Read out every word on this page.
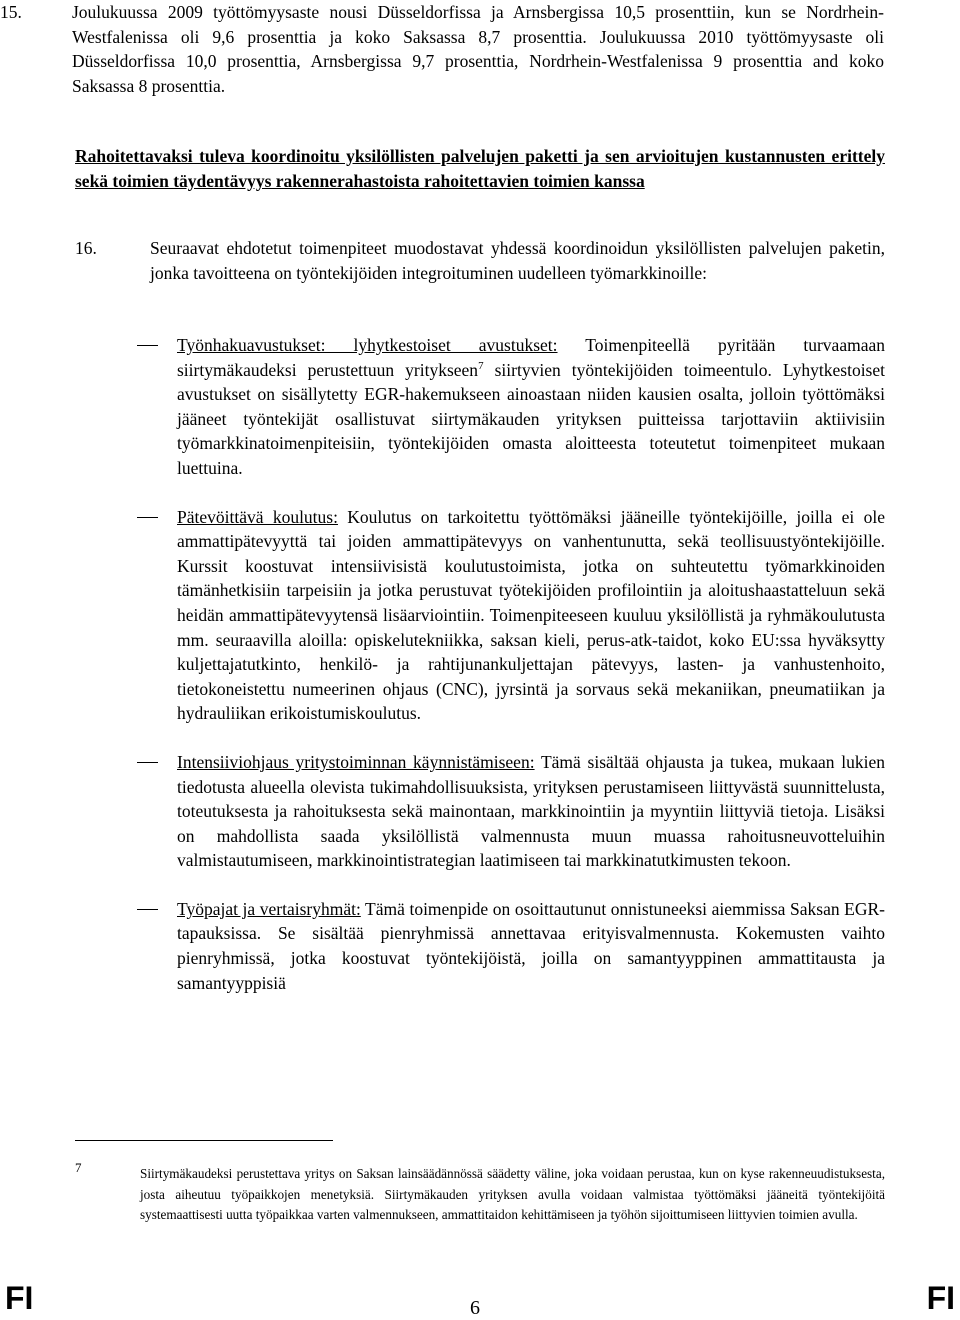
15.	Joulukuussa 2009 työttömyysaste nousi Düsseldorfissa ja Arnsbergissa 10,5 prosenttiin, kun se Nordrhein-Westfalenissa oli 9,6 prosenttia ja koko Saksassa 8,7 prosenttia. Joulukuussa 2010 työttömyysaste oli Düsseldorfissa 10,0 prosenttia, Arnsbergissa 9,7 prosenttia, Nordrhein-Westfalenissa 9 prosenttia and koko Saksassa 8 prosenttia.
Rahoitettavaksi tuleva koordinoitu yksilöllisten palvelujen paketti ja sen arvioitujen kustannusten erittely sekä toimien täydentävyys rakennerahastoista rahoitettavien toimien kanssa
16.	Seuraavat ehdotetut toimenpiteet muodostavat yhdessä koordinoidun yksilöllisten palvelujen paketin, jonka tavoitteena on työntekijöiden integroituminen uudelleen työmarkkinoille:
Työnhakuavustukset: lyhytkestoiset avustukset: Toimenpiteellä pyritään turvaamaan siirtymäkaudeksi perustettuun yritykseen$^7$ siirtyvien työntekijöiden toimeentulo. Lyhytkestoiset avustukset on sisällytetty EGR-hakemukseen ainoastaan niiden kausien osalta, jolloin työttömäksi jääneet työntekijät osallistuvat siirtymäkauden yrityksen puitteissa tarjottaviin aktiivisiin työmarkkinatoimenpiteisiin, työntekijöiden omasta aloitteesta toteutetut toimenpiteet mukaan luettuina.
Pätevöittävä koulutus: Koulutus on tarkoitettu työttömäksi jääneille työntekijöille, joilla ei ole ammattipätevyyttä tai joiden ammattipätevyys on vanhentunutta, sekä teollisuustyöntekijöille. Kurssit koostuvat intensiivisistä koulutustoimista, jotka on suhteutettu työmarkkinoiden tämänhetkisiin tarpeisiin ja jotka perustuvat työtekijöiden profilointiin ja aloitushaastatteluun sekä heidän ammattipätevyytensä lisäarviointiin. Toimenpiteeseen kuuluu yksilöllistä ja ryhmäkoulutusta mm. seuraavilla aloilla: opiskelutekniikka, saksan kieli, perus-atk-taidot, koko EU:ssa hyväksytty kuljettajatutkinto, henkilö- ja rahtijunankuljettajan pätevyys, lasten- ja vanhustenhoito, tietokoneistettu numeerinen ohjaus (CNC), jyrsintä ja sorvaus sekä mekaniikan, pneumatiikan ja hydrauliikan erikoistumiskoulutus.
Intensiiviohjaus yritystoiminnan käynnistämiseen: Tämä sisältää ohjausta ja tukea, mukaan lukien tiedotusta alueella olevista tukimahdollisuuksista, yrityksen perustamiseen liittyvästä suunnittelusta, toteutuksesta ja rahoituksesta sekä mainontaan, markkinointiin ja myyntiin liittyviä tietoja. Lisäksi on mahdollista saada yksilöllistä valmennusta muun muassa rahoitusneuvotteluihin valmistautumiseen, markkinointistrategian laatimiseen tai markkinatutkimusten tekoon.
Työpajat ja vertaisryhmät: Tämä toimenpide on osoittautunut onnistuneeksi aiemmissa Saksan EGR-tapauksissa. Se sisältää pienryhmissä annettavaa erityisvalmennusta. Kokemusten vaihto pienryhmissä, jotka koostuvat työntekijöistä, joilla on samantyyppinen ammattitausta ja samantyyppisiä
7	Siirtymäkaudeksi perustettava yritys on Saksan lainsäädännössä säädetty väline, joka voidaan perustaa, kun on kyse rakenneuudistuksesta, josta aiheutuu työpaikkojen menetyksiä. Siirtymäkauden yrityksen avulla voidaan valmistaa työttömäksi jääneitä työntekijöitä systemaattisesti uutta työpaikkaa varten valmennukseen, ammattitaidon kehittämiseen ja työhön sijoittumiseen liittyvien toimien avulla.
FI	6	FI
